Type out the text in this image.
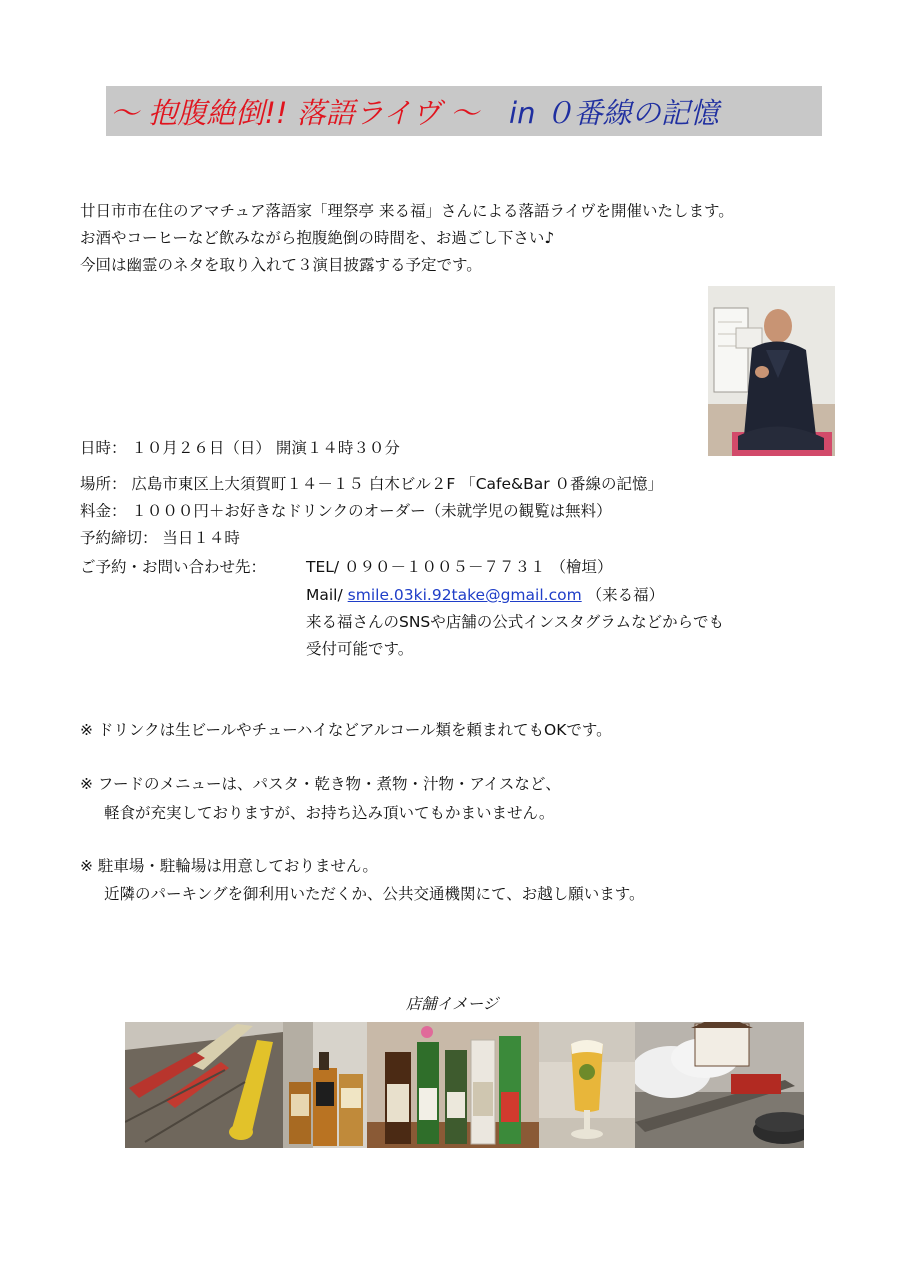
～ 抱腹絶倒!! 落語ライヴ ～ in ０番線の記憶
廿日市市在住のアマチュア落語家「理祭亭 来る福」さんによる落語ライヴを開催いたします。
お酒やコーヒーなど飲みながら抱腹絶倒の時間を、お過ごし下さい♪
今回は幽霊のネタを取り入れて３演目披露する予定です。
日時： １０月２６日（日） 開演１４時３０分
場所： 広島市東区上大須賀町１４－１５ 白木ビル２F 「Cafe&Bar ０番線の記憶」
料金： １０００円＋お好きなドリンクのオーダー（未就学児の観覧は無料）
予約締切： 当日１４時
ご予約・お問い合わせ先：	TEL/ ０９０－１００５－７７３１ （檜垣）
Mail/ smile.03ki.92take@gmail.com （来る福）
来る福さんのSNSや店舗の公式インスタグラムなどからでも
受付可能です。
※ ドリンクは生ビールやチューハイなどアルコール類を頼まれてもOKです。
※ フードのメニューは、パスタ・乾き物・煮物・汁物・アイスなど、
軽食が充実しておりますが、お持ち込み頂いてもかまいません。
※ 駐車場・駐輪場は用意しておりません。
近隣のパーキングを御利用いただくか、公共交通機関にて、お越し願います。
店舗イメージ
